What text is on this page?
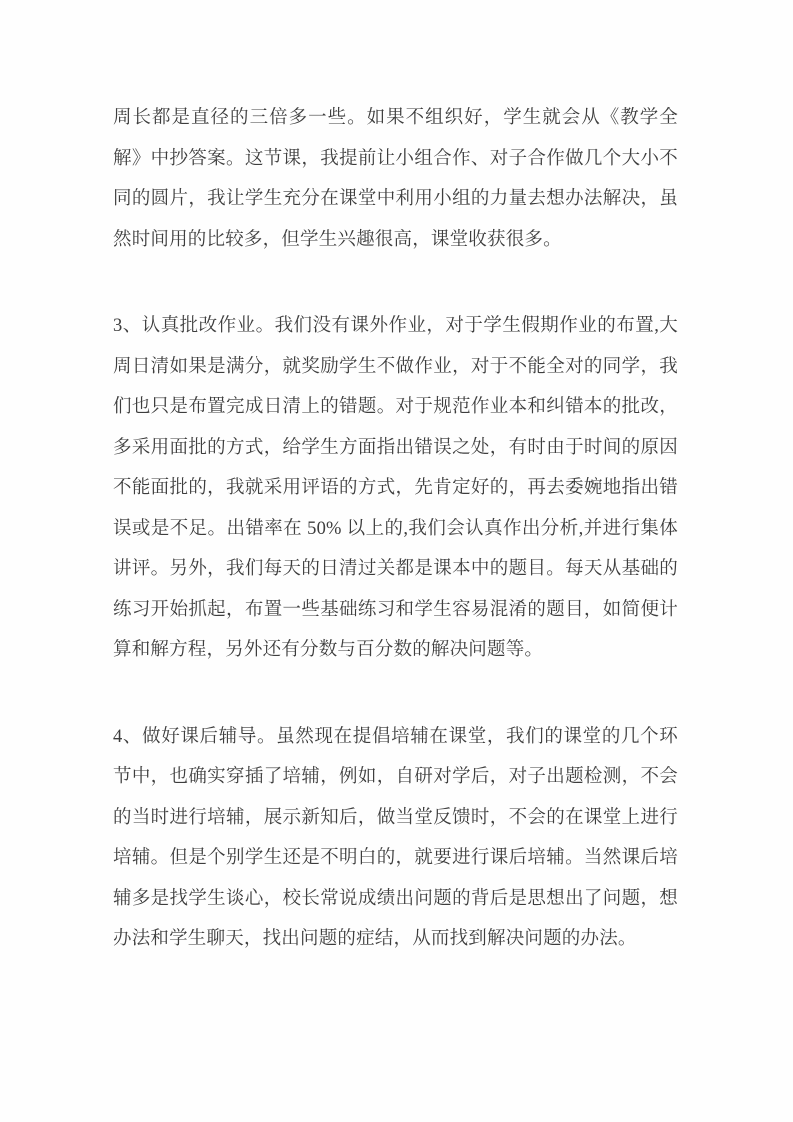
周长都是直径的三倍多一些。如果不组织好，学生就会从《教学全解》中抄答案。这节课，我提前让小组合作、对子合作做几个大小不同的圆片，我让学生充分在课堂中利用小组的力量去想办法解决，虽然时间用的比较多，但学生兴趣很高，课堂收获很多。

3、认真批改作业。我们没有课外作业，对于学生假期作业的布置,大周日清如果是满分，就奖励学生不做作业，对于不能全对的同学，我们也只是布置完成日清上的错题。对于规范作业本和纠错本的批改，多采用面批的方式，给学生方面指出错误之处，有时由于时间的原因不能面批的，我就采用评语的方式，先肯定好的，再去委婉地指出错误或是不足。出错率在 50% 以上的,我们会认真作出分析,并进行集体讲评。另外，我们每天的日清过关都是课本中的题目。每天从基础的练习开始抓起，布置一些基础练习和学生容易混淆的题目，如简便计算和解方程，另外还有分数与百分数的解决问题等。

4、做好课后辅导。虽然现在提倡培辅在课堂，我们的课堂的几个环节中，也确实穿插了培辅，例如，自研对学后，对子出题检测，不会的当时进行培辅，展示新知后，做当堂反馈时，不会的在课堂上进行培辅。但是个别学生还是不明白的，就要进行课后培辅。当然课后培辅多是找学生谈心，校长常说成绩出问题的背后是思想出了问题，想办法和学生聊天，找出问题的症结，从而找到解决问题的办法。
